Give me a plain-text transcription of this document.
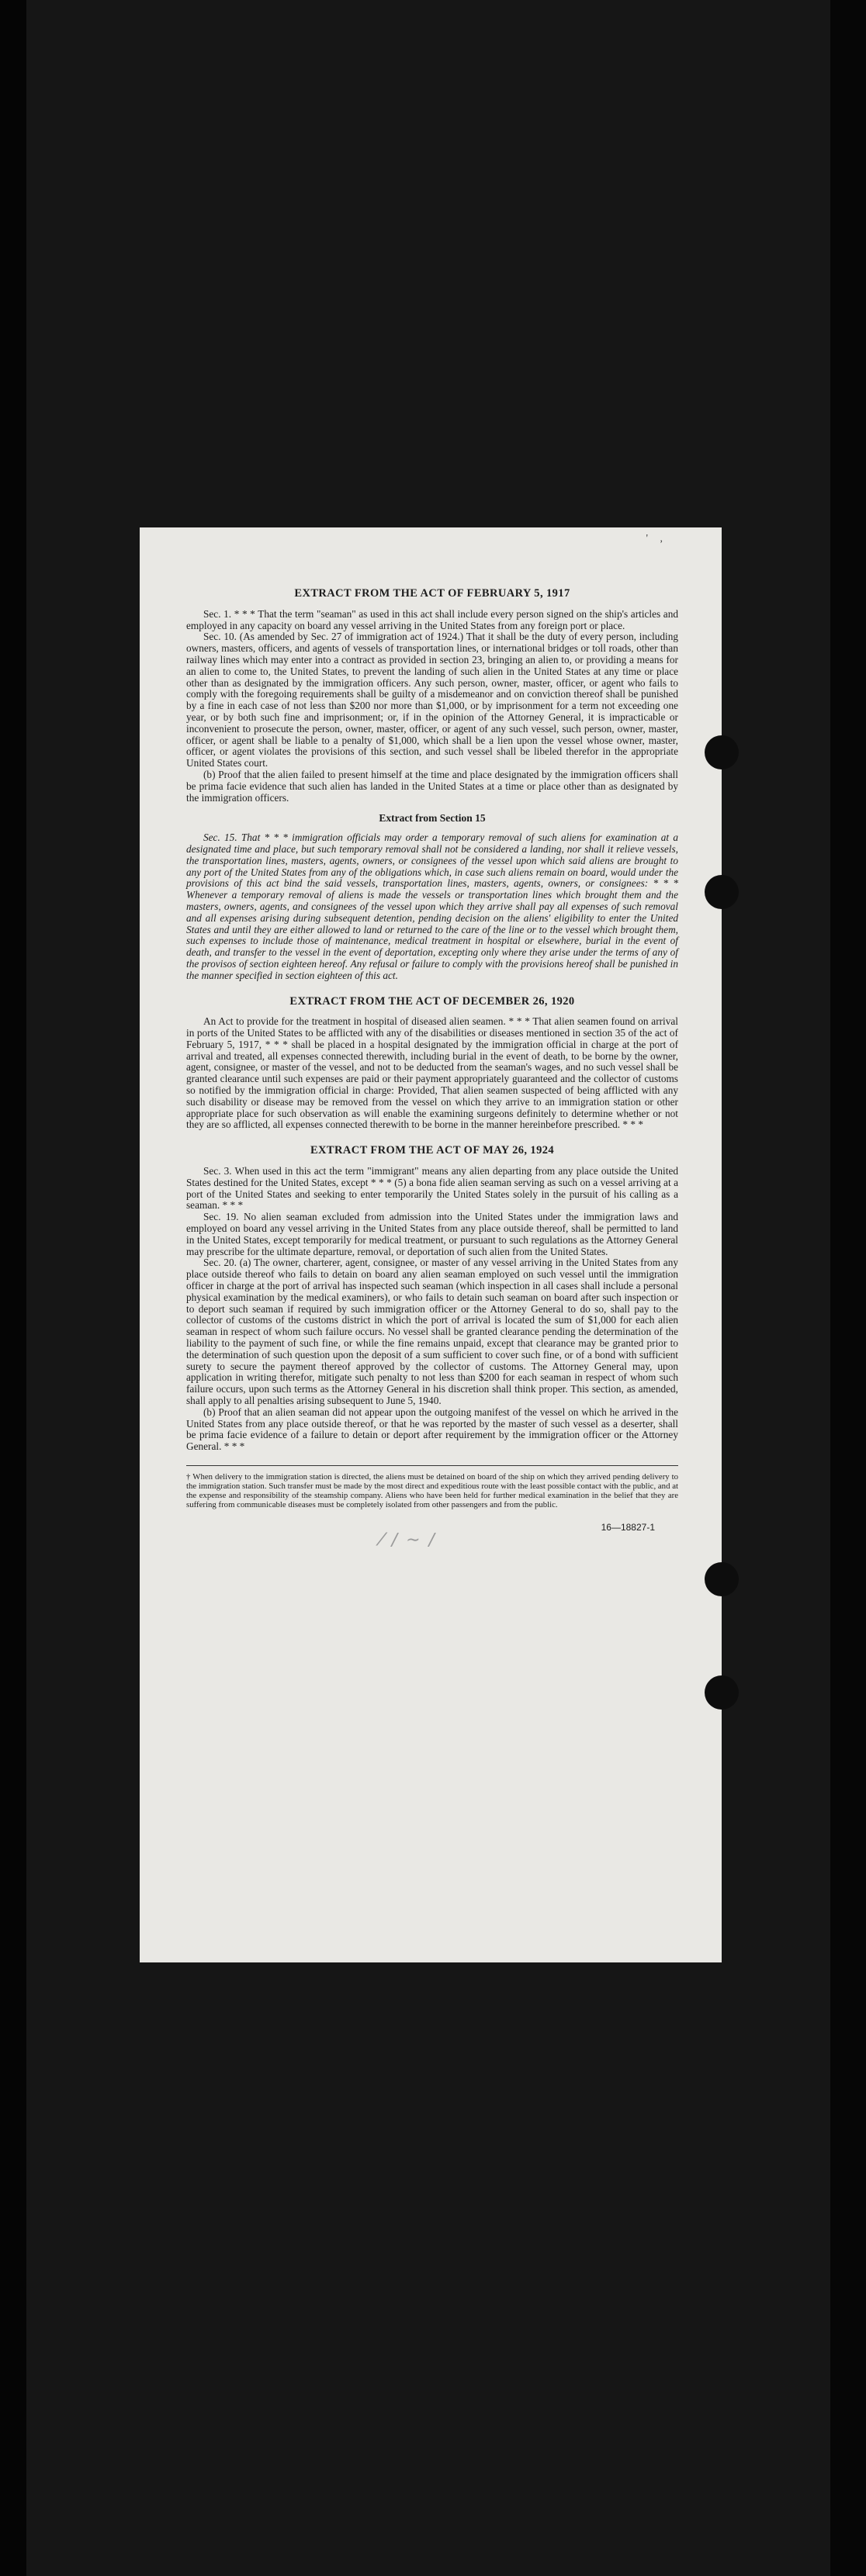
' ,
EXTRACT FROM THE ACT OF FEBRUARY 5, 1917

Sec. 1. * * * That the term "seaman" as used in this act shall include every person signed on the ship's articles and employed in any capacity on board any vessel arriving in the United States from any foreign port or place.

Sec. 10. (As amended by Sec. 27 of immigration act of 1924.) That it shall be the duty of every person, including owners, masters, officers, and agents of vessels of transportation lines, or international bridges or toll roads, other than railway lines which may enter into a contract as provided in section 23, bringing an alien to, or providing a means for an alien to come to, the United States, to prevent the landing of such alien in the United States at any time or place other than as designated by the immigration officers. Any such person, owner, master, officer, or agent who fails to comply with the foregoing requirements shall be guilty of a misdemeanor and on conviction thereof shall be punished by a fine in each case of not less than $200 nor more than $1,000, or by imprisonment for a term not exceeding one year, or by both such fine and imprisonment; or, if in the opinion of the Attorney General, it is impracticable or inconvenient to prosecute the person, owner, master, officer, or agent of any such vessel, such person, owner, master, officer, or agent shall be liable to a penalty of $1,000, which shall be a lien upon the vessel whose owner, master, officer, or agent violates the provisions of this section, and such vessel shall be libeled therefor in the appropriate United States court.

(b) Proof that the alien failed to present himself at the time and place designated by the immigration officers shall be prima facie evidence that such alien has landed in the United States at a time or place other than as designated by the immigration officers.

Extract from Section 15

Sec. 15. That * * * immigration officials may order a temporary removal of such aliens for examination at a designated time and place, but such temporary removal shall not be considered a landing, nor shall it relieve vessels, the transportation lines, masters, agents, owners, or consignees of the vessel upon which said aliens are brought to any port of the United States from any of the obligations which, in case such aliens remain on board, would under the provisions of this act bind the said vessels, transportation lines, masters, agents, owners, or consignees: * * * Whenever a temporary removal of aliens is made the vessels or transportation lines which brought them and the masters, owners, agents, and consignees of the vessel upon which they arrive shall pay all expenses of such removal and all expenses arising during subsequent detention, pending decision on the aliens' eligibility to enter the United States and until they are either allowed to land or returned to the care of the line or to the vessel which brought them, such expenses to include those of maintenance, medical treatment in hospital or elsewhere, burial in the event of death, and transfer to the vessel in the event of deportation, excepting only where they arise under the terms of any of the provisos of section eighteen hereof. Any refusal or failure to comply with the provisions hereof shall be punished in the manner specified in section eighteen of this act.

EXTRACT FROM THE ACT OF DECEMBER 26, 1920

An Act to provide for the treatment in hospital of diseased alien seamen. * * * That alien seamen found on arrival in ports of the United States to be afflicted with any of the disabilities or diseases mentioned in section 35 of the act of February 5, 1917, * * * shall be placed in a hospital designated by the immigration official in charge at the port of arrival and treated, all expenses connected therewith, including burial in the event of death, to be borne by the owner, agent, consignee, or master of the vessel, and not to be deducted from the seaman's wages, and no such vessel shall be granted clearance until such expenses are paid or their payment appropriately guaranteed and the collector of customs so notified by the immigration official in charge: Provided, That alien seamen suspected of being afflicted with any such disability or disease may be removed from the vessel on which they arrive to an immigration station or other appropriate place for such observation as will enable the examining surgeons definitely to determine whether or not they are so afflicted, all expenses connected therewith to be borne in the manner hereinbefore prescribed. * * *

EXTRACT FROM THE ACT OF MAY 26, 1924

Sec. 3. When used in this act the term "immigrant" means any alien departing from any place outside the United States destined for the United States, except * * * (5) a bona fide alien seaman serving as such on a vessel arriving at a port of the United States and seeking to enter temporarily the United States solely in the pursuit of his calling as a seaman. * * *

Sec. 19. No alien seaman excluded from admission into the United States under the immigration laws and employed on board any vessel arriving in the United States from any place outside thereof, shall be permitted to land in the United States, except temporarily for medical treatment, or pursuant to such regulations as the Attorney General may prescribe for the ultimate departure, removal, or deportation of such alien from the United States.

Sec. 20. (a) The owner, charterer, agent, consignee, or master of any vessel arriving in the United States from any place outside thereof who fails to detain on board any alien seaman employed on such vessel until the immigration officer in charge at the port of arrival has inspected such seaman (which inspection in all cases shall include a personal physical examination by the medical examiners), or who fails to detain such seaman on board after such inspection or to deport such seaman if required by such immigration officer or the Attorney General to do so, shall pay to the collector of customs of the customs district in which the port of arrival is located the sum of $1,000 for each alien seaman in respect of whom such failure occurs. No vessel shall be granted clearance pending the determination of the liability to the payment of such fine, or while the fine remains unpaid, except that clearance may be granted prior to the determination of such question upon the deposit of a sum sufficient to cover such fine, or of a bond with sufficient surety to secure the payment thereof approved by the collector of customs. The Attorney General may, upon application in writing therefor, mitigate such penalty to not less than $200 for each seaman in respect of whom such failure occurs, upon such terms as the Attorney General in his discretion shall think proper. This section, as amended, shall apply to all penalties arising subsequent to June 5, 1940.

(b) Proof that an alien seaman did not appear upon the outgoing manifest of the vessel on which he arrived in the United States from any place outside thereof, or that he was reported by the master of such vessel as a deserter, shall be prima facie evidence of a failure to detain or deport after requirement by the immigration officer or the Attorney General. * * *

† When delivery to the immigration station is directed, the aliens must be detained on board of the ship on which they arrived pending delivery to the immigration station. Such transfer must be made by the most direct and expeditious route with the least possible contact with the public, and at the expense and responsibility of the steamship company. Aliens who have been held for further medical examination in the belief that they are suffering from communicable diseases must be completely isolated from other passengers and from the public.
16—18827-1
⁄ ∕ ∼ ∕
